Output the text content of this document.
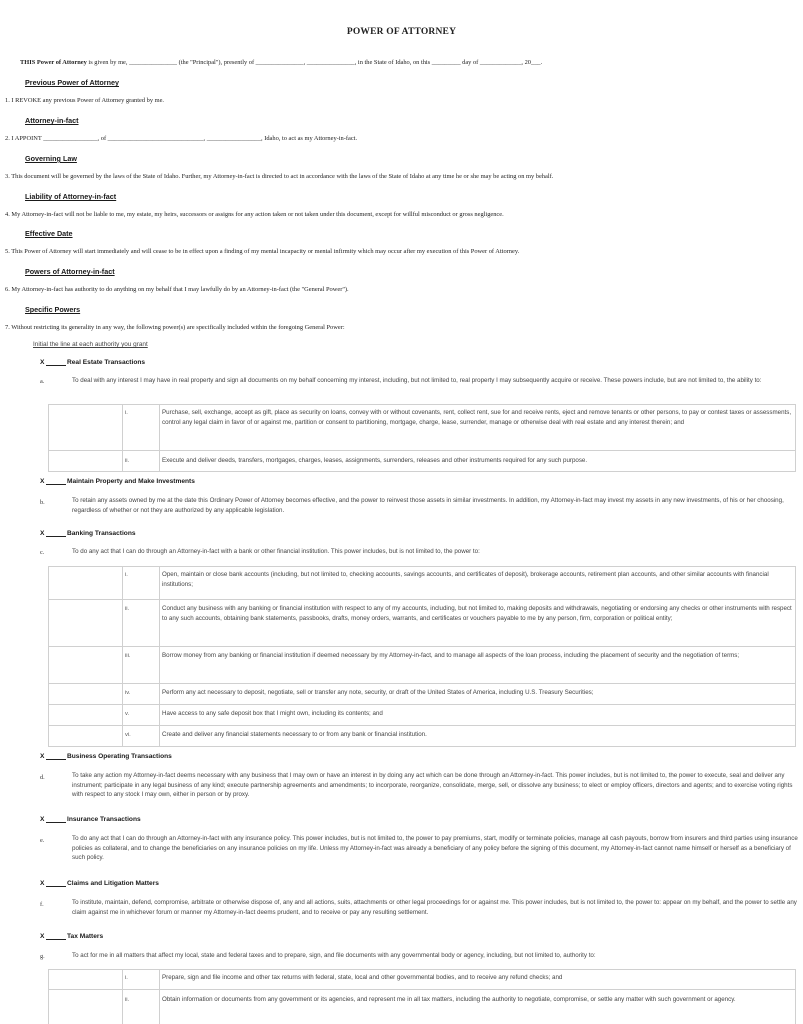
POWER OF ATTORNEY
THIS Power of Attorney is given by me, _______________ (the "Principal"), presently of _______________, _______________, in the State of Idaho, on this _________ day of _____________, 20___.
Previous Power of Attorney
1. I REVOKE any previous Power of Attorney granted by me.
Attorney-in-fact
2. I APPOINT _________________, of ______________________________, _________________, Idaho, to act as my Attorney-in-fact.
Governing Law
3. This document will be governed by the laws of the State of Idaho. Further, my Attorney-in-fact is directed to act in accordance with the laws of the State of Idaho at any time he or she may be acting on my behalf.
Liability of Attorney-in-fact
4. My Attorney-in-fact will not be liable to me, my estate, my heirs, successors or assigns for any action taken or not taken under this document, except for willful misconduct or gross negligence.
Effective Date
5. This Power of Attorney will start immediately and will cease to be in effect upon a finding of my mental incapacity or mental infirmity which may occur after my execution of this Power of Attorney.
Powers of Attorney-in-fact
6. My Attorney-in-fact has authority to do anything on my behalf that I may lawfully do by an Attorney-in-fact (the "General Power").
Specific Powers
7. Without restricting its generality in any way, the following power(s) are specifically included within the foregoing General Power:
Initial the line at each authority you grant
X	Real Estate Transactions
a.	To deal with any interest I may have in real property and sign all documents on my behalf concerning my interest, including, but not limited to, real property I may subsequently acquire or receive. These powers include, but are not limited to, the ability to:
i.	Purchase, sell, exchange, accept as gift, place as security on loans, convey with or without covenants, rent, collect rent, sue for and receive rents, eject and remove tenants or other persons, to pay or contest taxes or assessments, control any legal claim in favor of or against me, partition or consent to partitioning, mortgage, charge, lease, surrender, manage or otherwise deal with real estate and any interest therein; and
ii.	Execute and deliver deeds, transfers, mortgages, charges, leases, assignments, surrenders, releases and other instruments required for any such purpose.
X	Maintain Property and Make Investments
b.	To retain any assets owned by me at the date this Ordinary Power of Attorney becomes effective, and the power to reinvest those assets in similar investments. In addition, my Attorney-in-fact may invest my assets in any new investments, of his or her choosing, regardless of whether or not they are authorized by any applicable legislation.
X	Banking Transactions
c.	To do any act that I can do through an Attorney-in-fact with a bank or other financial institution. This power includes, but is not limited to, the power to:
i.	Open, maintain or close bank accounts (including, but not limited to, checking accounts, savings accounts, and certificates of deposit), brokerage accounts, retirement plan accounts, and other similar accounts with financial institutions;
ii.	Conduct any business with any banking or financial institution with respect to any of my accounts, including, but not limited to, making deposits and withdrawals, negotiating or endorsing any checks or other instruments with respect to any such accounts, obtaining bank statements, passbooks, drafts, money orders, warrants, and certificates or vouchers payable to me by any person, firm, corporation or political entity;
iii.	Borrow money from any banking or financial institution if deemed necessary by my Attorney-in-fact, and to manage all aspects of the loan process, including the placement of security and the negotiation of terms;
iv.	Perform any act necessary to deposit, negotiate, sell or transfer any note, security, or draft of the United States of America, including U.S. Treasury Securities;
v.	Have access to any safe deposit box that I might own, including its contents; and
vi.	Create and deliver any financial statements necessary to or from any bank or financial institution.
X	Business Operating Transactions
d.	To take any action my Attorney-in-fact deems necessary with any business that I may own or have an interest in by doing any act which can be done through an Attorney-in-fact. This power includes, but is not limited to, the power to execute, seal and deliver any instrument; participate in any legal business of any kind; execute partnership agreements and amendments; to incorporate, reorganize, consolidate, merge, sell, or dissolve any business; to elect or employ officers, directors and agents; and to exercise voting rights with respect to any stock I may own, either in person or by proxy.
X	Insurance Transactions
e.	To do any act that I can do through an Attorney-in-fact with any insurance policy. This power includes, but is not limited to, the power to pay premiums, start, modify or terminate policies, manage all cash payouts, borrow from insurers and third parties using insurance policies as collateral, and to change the beneficiaries on any insurance policies on my life. Unless my Attorney-in-fact was already a beneficiary of any policy before the signing of this document, my Attorney-in-fact cannot name himself or herself as a beneficiary of such policy.
X	Claims and Litigation Matters
f.	To institute, maintain, defend, compromise, arbitrate or otherwise dispose of, any and all actions, suits, attachments or other legal proceedings for or against me. This power includes, but is not limited to, the power to: appear on my behalf, and the power to settle any claim against me in whichever forum or manner my Attorney-in-fact deems prudent, and to receive or pay any resulting settlement.
X	Tax Matters
g.	To act for me in all matters that affect my local, state and federal taxes and to prepare, sign, and file documents with any governmental body or agency, including, but not limited to, authority to:
i.	Prepare, sign and file income and other tax returns with federal, state, local and other governmental bodies, and to receive any refund checks; and
ii.	Obtain information or documents from any government or its agencies, and represent me in all tax matters, including the authority to negotiate, compromise, or settle any matter with such government or agency.
